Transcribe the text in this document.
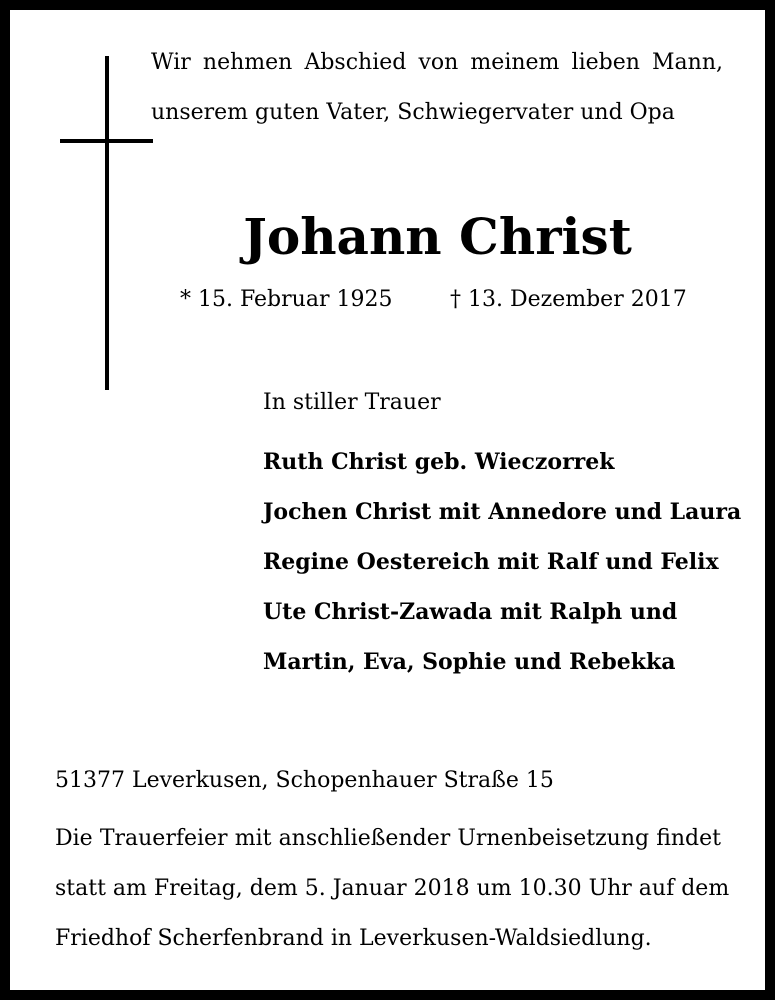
Wir nehmen Abschied von meinem lieben Mann,
unserem guten Vater, Schwiegervater und Opa
Johann Christ
* 15. Februar 1925	† 13. Dezember 2017
In stiller Trauer
Ruth Christ geb. Wieczorrek
Jochen Christ mit Annedore und Laura
Regine Oestereich mit Ralf und Felix
Ute Christ-Zawada mit Ralph und
Martin, Eva, Sophie und Rebekka
51377 Leverkusen, Schopenhauer Straße 15
Die Trauerfeier mit anschließender Urnenbeisetzung findet
statt am Freitag, dem 5. Januar 2018 um 10.30 Uhr auf dem
Friedhof Scherfenbrand in Leverkusen-Waldsiedlung.
